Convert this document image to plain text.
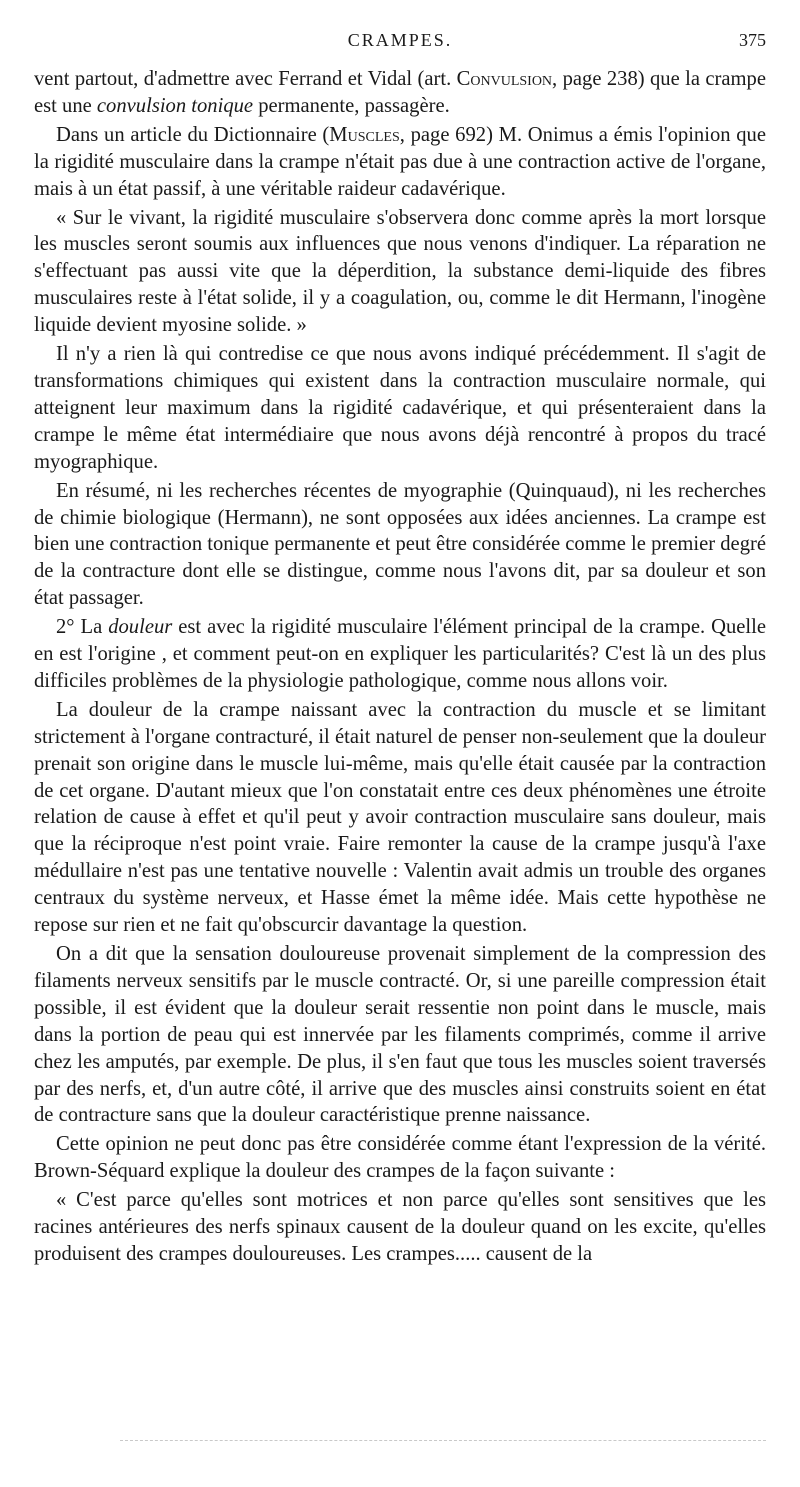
CRAMPES.	375

vent partout, d'admettre avec Ferrand et Vidal (art. Convulsion, page 238) que la crampe est une convulsion tonique permanente, passagère.

Dans un article du Dictionnaire (Muscles, page 692) M. Onimus a émis l'opinion que la rigidité musculaire dans la crampe n'était pas due à une contraction active de l'organe, mais à un état passif, à une véritable raideur cadavérique.

« Sur le vivant, la rigidité musculaire s'observera donc comme après la mort lorsque les muscles seront soumis aux influences que nous venons d'indiquer. La réparation ne s'effectuant pas aussi vite que la déperdition, la substance demi-liquide des fibres musculaires reste à l'état solide, il y a coagulation, ou, comme le dit Hermann, l'inogène liquide devient myosine solide. »

Il n'y a rien là qui contredise ce que nous avons indiqué précédemment. Il s'agit de transformations chimiques qui existent dans la contraction musculaire normale, qui atteignent leur maximum dans la rigidité cadavérique, et qui présenteraient dans la crampe le même état intermédiaire que nous avons déjà rencontré à propos du tracé myographique.

En résumé, ni les recherches récentes de myographie (Quinquaud), ni les recherches de chimie biologique (Hermann), ne sont opposées aux idées anciennes. La crampe est bien une contraction tonique permanente et peut être considérée comme le premier degré de la contracture dont elle se distingue, comme nous l'avons dit, par sa douleur et son état passager.

2° La douleur est avec la rigidité musculaire l'élément principal de la crampe. Quelle en est l'origine , et comment peut-on en expliquer les particularités? C'est là un des plus difficiles problèmes de la physiologie pathologique, comme nous allons voir.

La douleur de la crampe naissant avec la contraction du muscle et se limitant strictement à l'organe contracturé, il était naturel de penser non-seulement que la douleur prenait son origine dans le muscle lui-même, mais qu'elle était causée par la contraction de cet organe. D'autant mieux que l'on constatait entre ces deux phénomènes une étroite relation de cause à effet et qu'il peut y avoir contraction musculaire sans douleur, mais que la réciproque n'est point vraie. Faire remonter la cause de la crampe jusqu'à l'axe médullaire n'est pas une tentative nouvelle : Valentin avait admis un trouble des organes centraux du système nerveux, et Hasse émet la même idée. Mais cette hypothèse ne repose sur rien et ne fait qu'obscurcir davantage la question.

On a dit que la sensation douloureuse provenait simplement de la compression des filaments nerveux sensitifs par le muscle contracté. Or, si une pareille compression était possible, il est évident que la douleur serait ressentie non point dans le muscle, mais dans la portion de peau qui est innervée par les filaments comprimés, comme il arrive chez les amputés, par exemple. De plus, il s'en faut que tous les muscles soient traversés par des nerfs, et, d'un autre côté, il arrive que des muscles ainsi construits soient en état de contracture sans que la douleur caractéristique prenne naissance.

Cette opinion ne peut donc pas être considérée comme étant l'expression de la vérité. Brown-Séquard explique la douleur des crampes de la façon suivante :

« C'est parce qu'elles sont motrices et non parce qu'elles sont sensitives que les racines antérieures des nerfs spinaux causent de la douleur quand on les excite, qu'elles produisent des crampes douloureuses. Les crampes..... causent de la
